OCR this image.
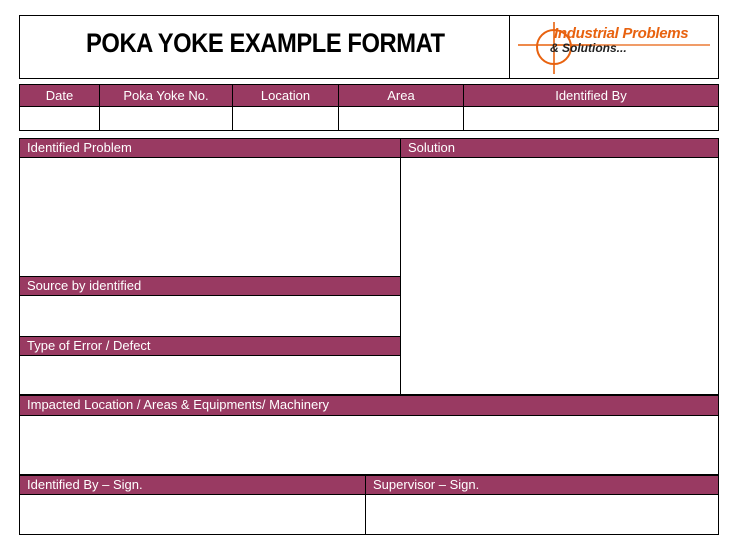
POKA YOKE EXAMPLE FORMAT	Industrial Problems
& Solutions...
Date	Poka Yoke No.	Location	Area	Identified By
Identified Problem	Solution
Source by identified
Type of Error / Defect
Impacted Location / Areas & Equipments/ Machinery
Identified By – Sign.	Supervisor – Sign.
